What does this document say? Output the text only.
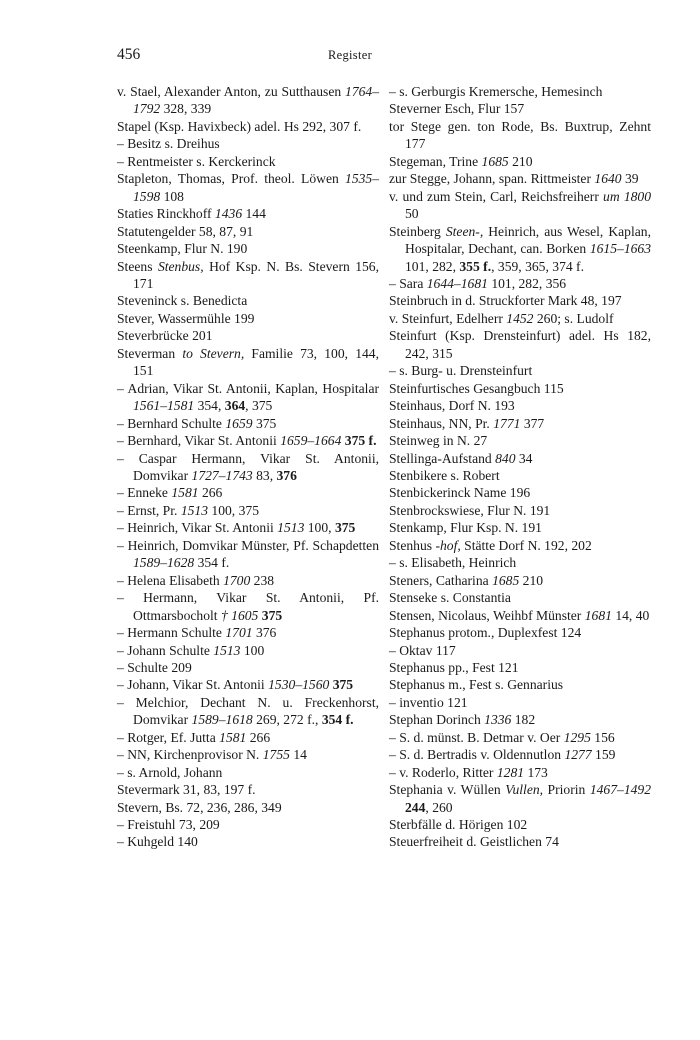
456	Register

v. Stael, Alexander Anton, zu Sutthausen 1764–1792 328, 339

Stapel (Ksp. Havixbeck) adel. Hs 292, 307 f.

– Besitz s. Dreihus

– Rentmeister s. Kerckerinck

Stapleton, Thomas, Prof. theol. Löwen 1535–1598 108

Staties Rinckhoff 1436 144

Statutengelder 58, 87, 91

Steenkamp, Flur N. 190

Steens Stenbus, Hof Ksp. N. Bs. Stevern 156, 171

Steveninck s. Benedicta

Stever, Wassermühle 199

Steverbrücke 201

Steverman to Stevern, Familie 73, 100, 144, 151

– Adrian, Vikar St. Antonii, Kaplan, Hospitalar 1561–1581 354, 364, 375

– Bernhard Schulte 1659 375

– Bernhard, Vikar St. Antonii 1659–1664 375 f.

– Caspar Hermann, Vikar St. Antonii, Domvikar 1727–1743 83, 376

– Enneke 1581 266

– Ernst, Pr. 1513 100, 375

– Heinrich, Vikar St. Antonii 1513 100, 375

– Heinrich, Domvikar Münster, Pf. Schapdetten 1589–1628 354 f.

– Helena Elisabeth 1700 238

– Hermann, Vikar St. Antonii, Pf. Ottmarsbocholt † 1605 375

– Hermann Schulte 1701 376

– Johann Schulte 1513 100

– Schulte 209

– Johann, Vikar St. Antonii 1530–1560 375

– Melchior, Dechant N. u. Freckenhorst, Domvikar 1589–1618 269, 272 f., 354 f.

– Rotger, Ef. Jutta 1581 266

– NN, Kirchenprovisor N. 1755 14

– s. Arnold, Johann

Stevermark 31, 83, 197 f.

Stevern, Bs. 72, 236, 286, 349

– Freistuhl 73, 209

– Kuhgeld 140

– s. Gerburgis Kremersche, Hemesinch

Steverner Esch, Flur 157

tor Stege gen. ton Rode, Bs. Buxtrup, Zehnt 177

Stegeman, Trine 1685 210

zur Stegge, Johann, span. Rittmeister 1640 39

v. und zum Stein, Carl, Reichsfreiherr um 1800 50

Steinberg Steen-, Heinrich, aus Wesel, Kaplan, Hospitalar, Dechant, can. Borken 1615–1663 101, 282, 355 f., 359, 365, 374 f.

– Sara 1644–1681 101, 282, 356

Steinbruch in d. Struckforter Mark 48, 197

v. Steinfurt, Edelherr 1452 260; s. Ludolf

Steinfurt (Ksp. Drensteinfurt) adel. Hs 182, 242, 315

– s. Burg- u. Drensteinfurt

Steinfurtisches Gesangbuch 115

Steinhaus, Dorf N. 193

Steinhaus, NN, Pr. 1771 377

Steinweg in N. 27

Stellinga-Aufstand 840 34

Stenbikere s. Robert

Stenbickerinck Name 196

Stenbrockswiese, Flur N. 191

Stenkamp, Flur Ksp. N. 191

Stenhus -hof, Stätte Dorf N. 192, 202

– s. Elisabeth, Heinrich

Steners, Catharina 1685 210

Stenseke s. Constantia

Stensen, Nicolaus, Weihbf Münster 1681 14, 40

Stephanus protom., Duplexfest 124

– Oktav 117

Stephanus pp., Fest 121

Stephanus m., Fest s. Gennarius

– inventio 121

Stephan Dorinch 1336 182

– S. d. münst. B. Detmar v. Oer 1295 156

– S. d. Bertradis v. Oldennutlon 1277 159

– v. Roderlo, Ritter 1281 173

Stephania v. Wüllen Vullen, Priorin 1467–1492 244, 260

Sterbfälle d. Hörigen 102

Steuerfreiheit d. Geistlichen 74
